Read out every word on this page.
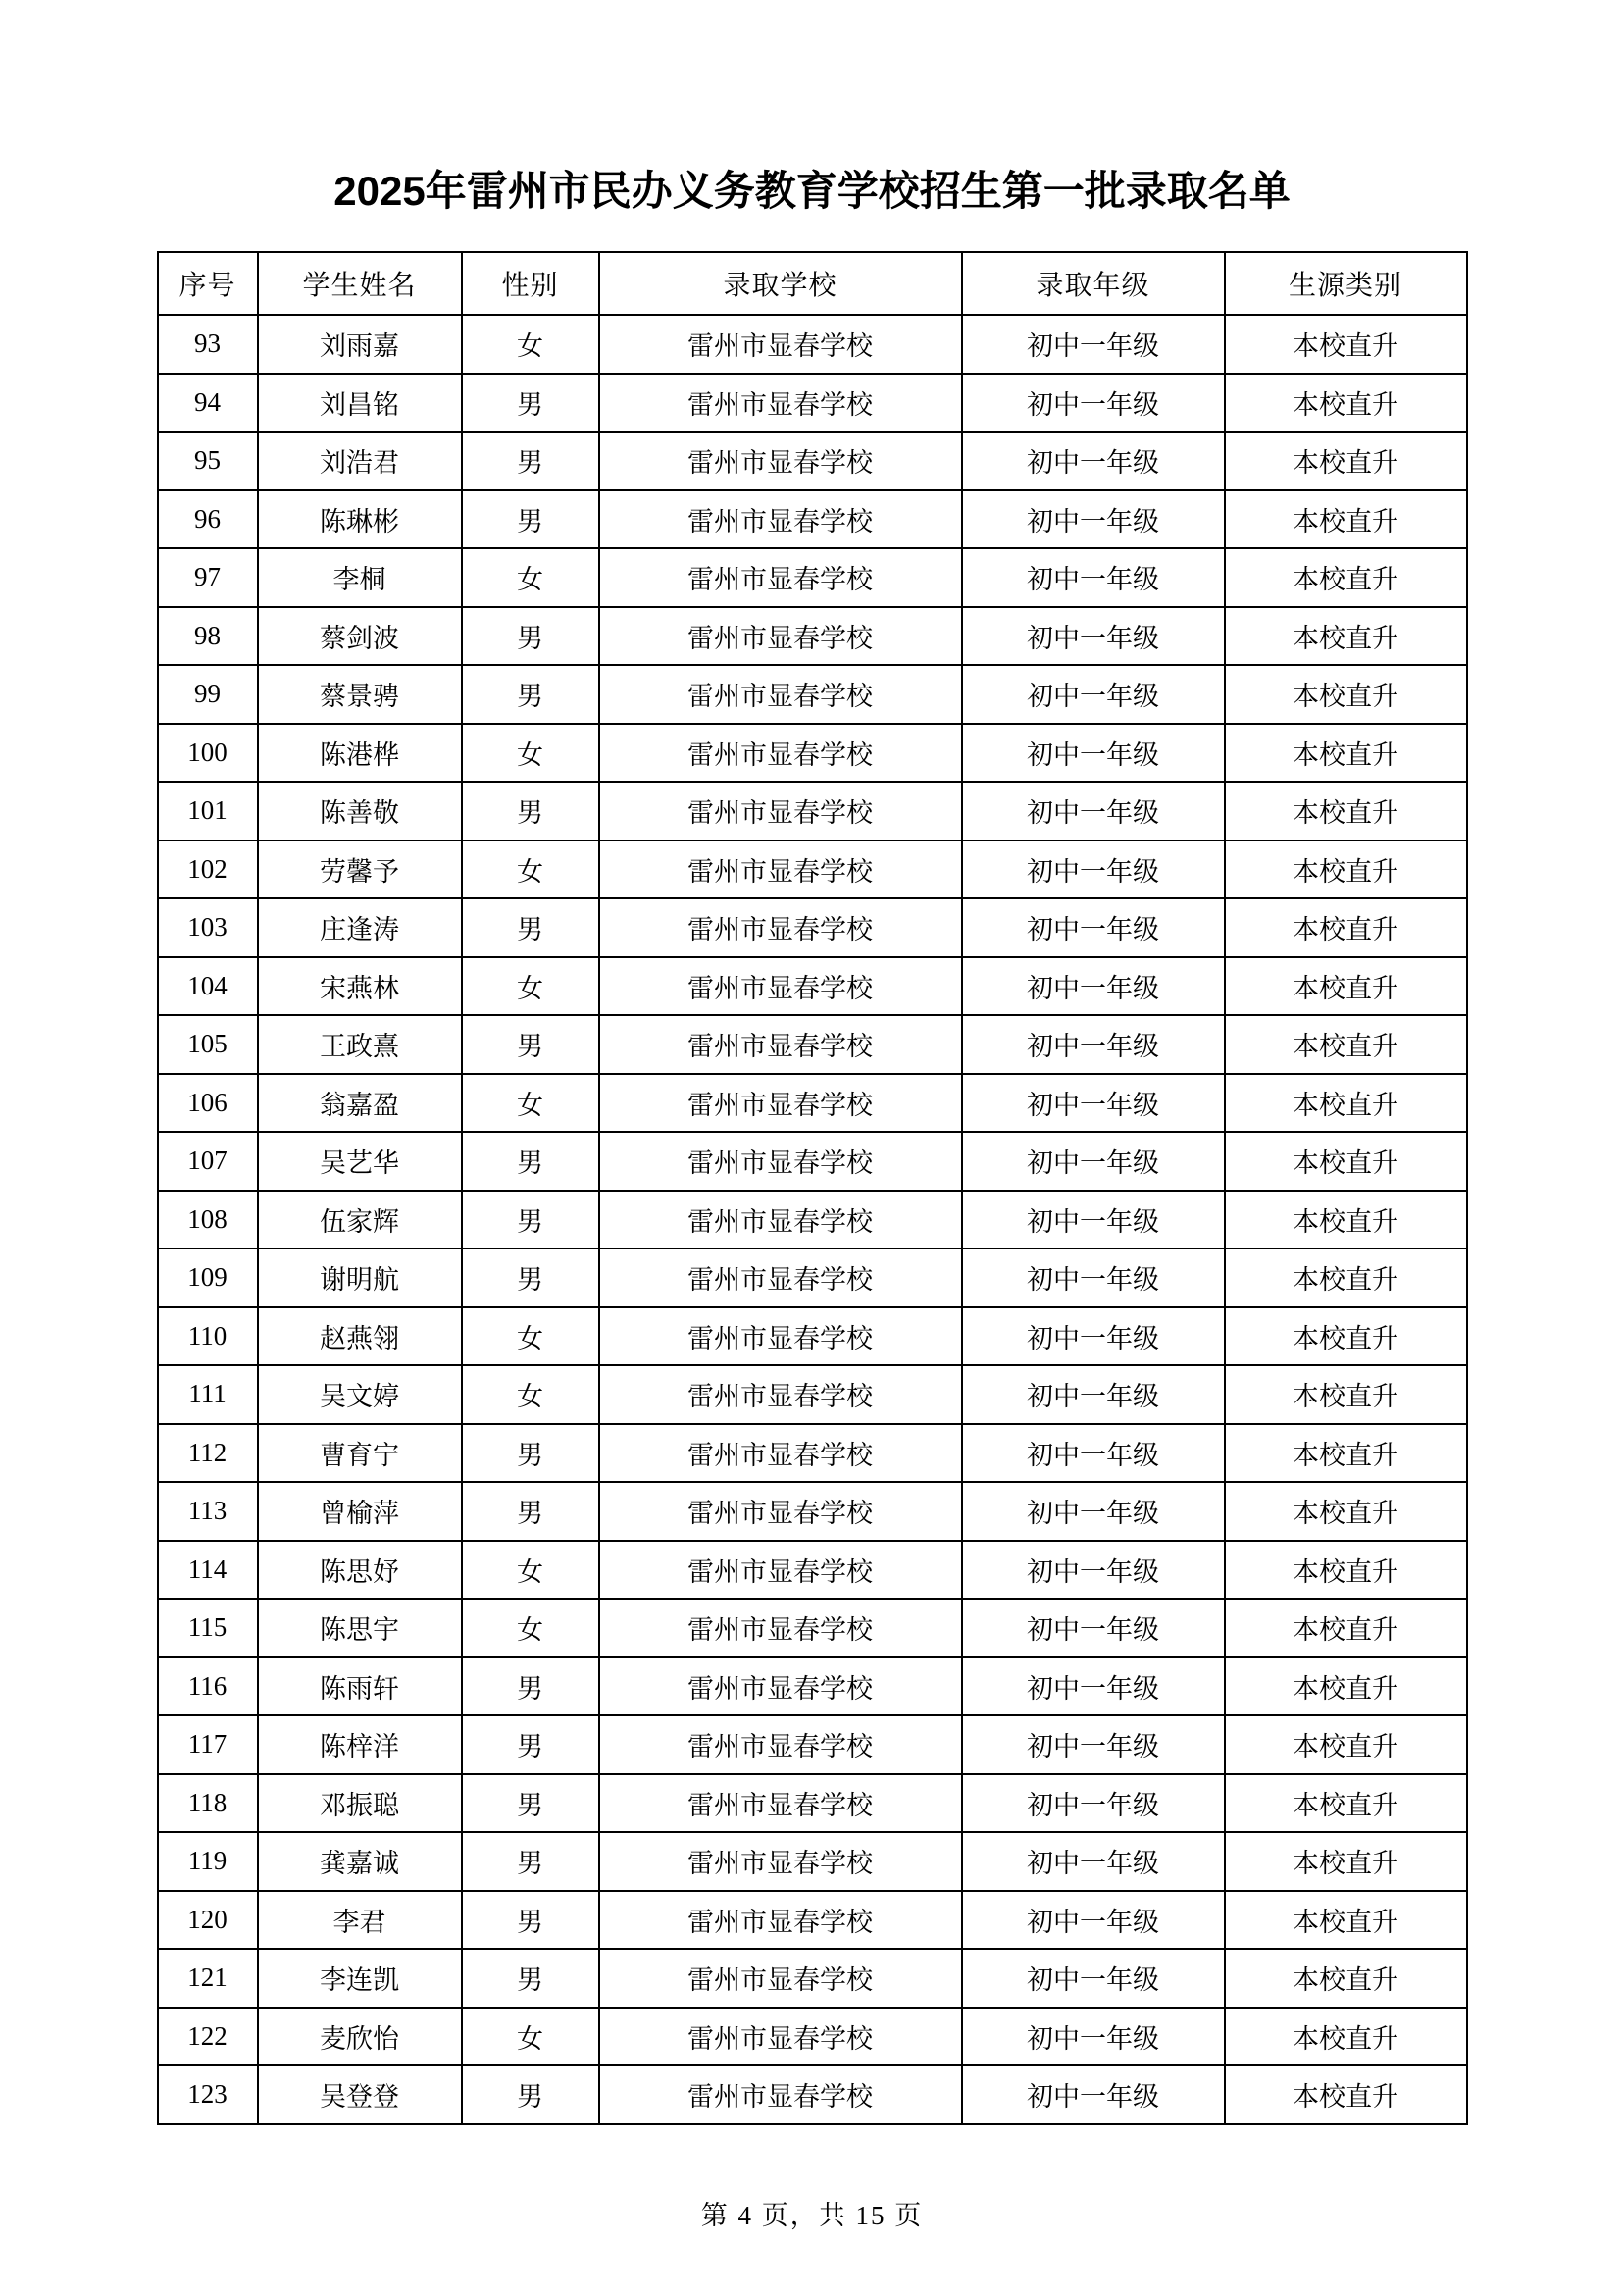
2025年雷州市民办义务教育学校招生第一批录取名单
序号	学生姓名	性别	录取学校	录取年级	生源类别
93	刘雨嘉	女	雷州市显春学校	初中一年级	本校直升
94	刘昌铭	男	雷州市显春学校	初中一年级	本校直升
95	刘浩君	男	雷州市显春学校	初中一年级	本校直升
96	陈琳彬	男	雷州市显春学校	初中一年级	本校直升
97	李桐	女	雷州市显春学校	初中一年级	本校直升
98	蔡剑波	男	雷州市显春学校	初中一年级	本校直升
99	蔡景骋	男	雷州市显春学校	初中一年级	本校直升
100	陈港桦	女	雷州市显春学校	初中一年级	本校直升
101	陈善敬	男	雷州市显春学校	初中一年级	本校直升
102	劳馨予	女	雷州市显春学校	初中一年级	本校直升
103	庄逢涛	男	雷州市显春学校	初中一年级	本校直升
104	宋燕林	女	雷州市显春学校	初中一年级	本校直升
105	王政熹	男	雷州市显春学校	初中一年级	本校直升
106	翁嘉盈	女	雷州市显春学校	初中一年级	本校直升
107	吴艺华	男	雷州市显春学校	初中一年级	本校直升
108	伍家辉	男	雷州市显春学校	初中一年级	本校直升
109	谢明航	男	雷州市显春学校	初中一年级	本校直升
110	赵燕翎	女	雷州市显春学校	初中一年级	本校直升
111	吴文婷	女	雷州市显春学校	初中一年级	本校直升
112	曹育宁	男	雷州市显春学校	初中一年级	本校直升
113	曾榆萍	男	雷州市显春学校	初中一年级	本校直升
114	陈思妤	女	雷州市显春学校	初中一年级	本校直升
115	陈思宇	女	雷州市显春学校	初中一年级	本校直升
116	陈雨轩	男	雷州市显春学校	初中一年级	本校直升
117	陈梓洋	男	雷州市显春学校	初中一年级	本校直升
118	邓振聪	男	雷州市显春学校	初中一年级	本校直升
119	龚嘉诚	男	雷州市显春学校	初中一年级	本校直升
120	李君	男	雷州市显春学校	初中一年级	本校直升
121	李连凯	男	雷州市显春学校	初中一年级	本校直升
122	麦欣怡	女	雷州市显春学校	初中一年级	本校直升
123	吴登登	男	雷州市显春学校	初中一年级	本校直升
第 4 页，共 15 页
